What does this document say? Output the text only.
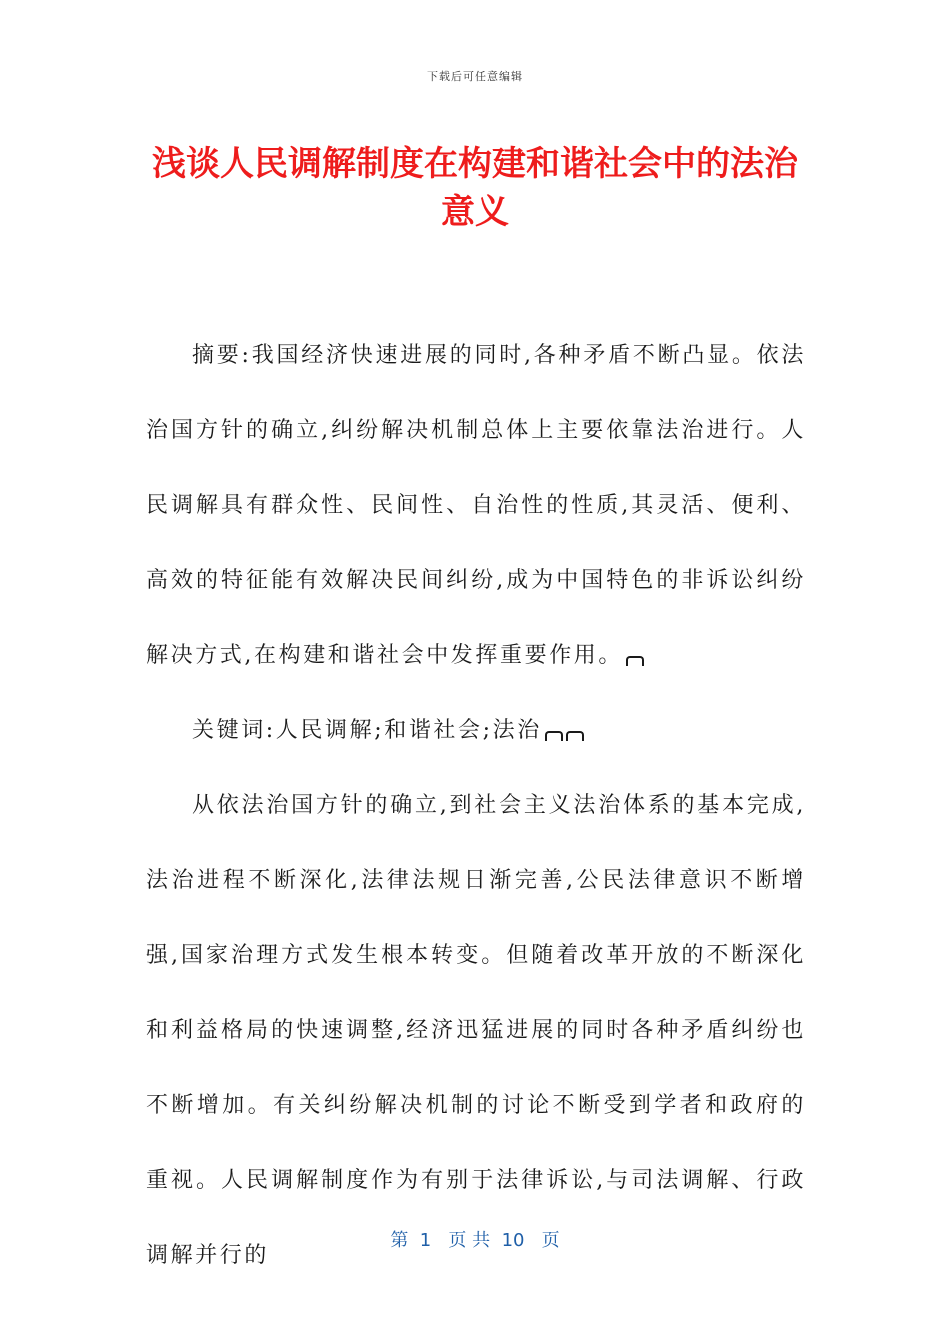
下载后可任意编辑
浅谈人民调解制度在构建和谐社会中的法治意义

摘要:我国经济快速进展的同时,各种矛盾不断凸显。依法治国方针的确立,纠纷解决机制总体上主要依靠法治进行。人民调解具有群众性、民间性、自治性的性质,其灵活、便利、高效的特征能有效解决民间纠纷,成为中国特色的非诉讼纠纷解决方式,在构建和谐社会中发挥重要作用。

关键词:人民调解;和谐社会;法治

从依法治国方针的确立,到社会主义法治体系的基本完成,法治进程不断深化,法律法规日渐完善,公民法律意识不断增强,国家治理方式发生根本转变。但随着改革开放的不断深化和利益格局的快速调整,经济迅猛进展的同时各种矛盾纠纷也不断增加。有关纠纷解决机制的讨论不断受到学者和政府的重视。人民调解制度作为有别于法律诉讼,与司法调解、行政调解并行的

第  1   页 共  10   页
